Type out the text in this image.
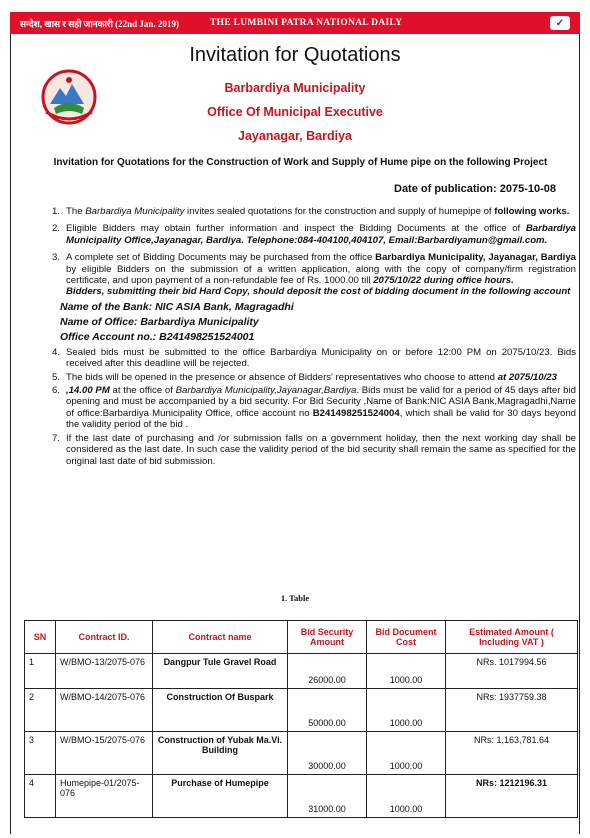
सन्देश, खास र सही जानकारी (22nd Jan. 2019)	THE LUMBINI PATRA NATIONAL DAILY	✓
Invitation for Quotations
Barbardiya Municipality
Office Of Municipal Executive
Jayanagar, Bardiya
Invitation for Quotations for the Construction of Work and Supply of Hume pipe on the following Project
Date of publication: 2075-10-08
1. The Barbardiya Municipality invites sealed quotations for the construction and supply of humepipe of following works.
2. Eligible Bidders may obtain further information and inspect the Bidding Documents at the office of Barbardiya Municipality Office,Jayanagar, Bardiya. Telephone:084-404100,404107, Email:Barbardiyamun@gmail.com.
3. A complete set of Bidding Documents may be purchased from the office Barbardiya Municipality, Jayanagar, Bardiya by eligible Bidders on the submission of a written application, along with the copy of company/firm registration certificate, and upon payment of a non-refundable fee of Rs. 1000.00 till 2075/10/22 during office hours.
Bidders, submitting their bid Hard Copy, should deposit the cost of bidding document in the following account
Name of the Bank: NIC ASIA Bank, Magragadhi
Name of Office: Barbardiya Municipality
Office Account no.: B241498251524001
4. Sealed bids must be submitted to the office Barbardiya Municipality on or before 12:00 PM on 2075/10/23. Bids received after this deadline will be rejected.
5. The bids will be opened in the presence or absence of Bidders' representatives who choose to attend at 2075/10/23
6. ,14.00 PM at the office of Barbardiya Municipality,Jayanagar,Bardiya. Bids must be valid for a period of 45 days after bid opening and must be accompanied by a bid security. For Bid Security ,Name of Bank:NIC ASIA Bank,Magragadhi,Name of office:Barbardiya Municipality Office, office account no B241498251524004, which shall be valid for 30 days beyond the validity period of the bid .
7. If the last date of purchasing and /or submission falls on a government holiday, then the next working day shall be considered as the last date. In such case the validity period of the bid security shall remain the same as specified for the original last date of bid submission.
1. Table
SN	Contract ID.	Contract name	Bid Security Amount	Bid Document Cost	Estimated Amount ( Including VAT )
1	W/BMO-13/2075-076	Dangpur Tule Gravel Road	26000.00	1000.00	NRs. 1017994.56
2	W/BMO-14/2075-076	Construction Of Buspark	50000.00	1000.00	NRs: 1937759.38
3	W/BMO-15/2075-076	Construction of Yubak Ma.Vi. Building	30000.00	1000.00	NRs: 1,163,781.64
4	Humepipe-01/2075-076	Purchase of Humepipe	31000.00	1000.00	NRs: 1212196.31
